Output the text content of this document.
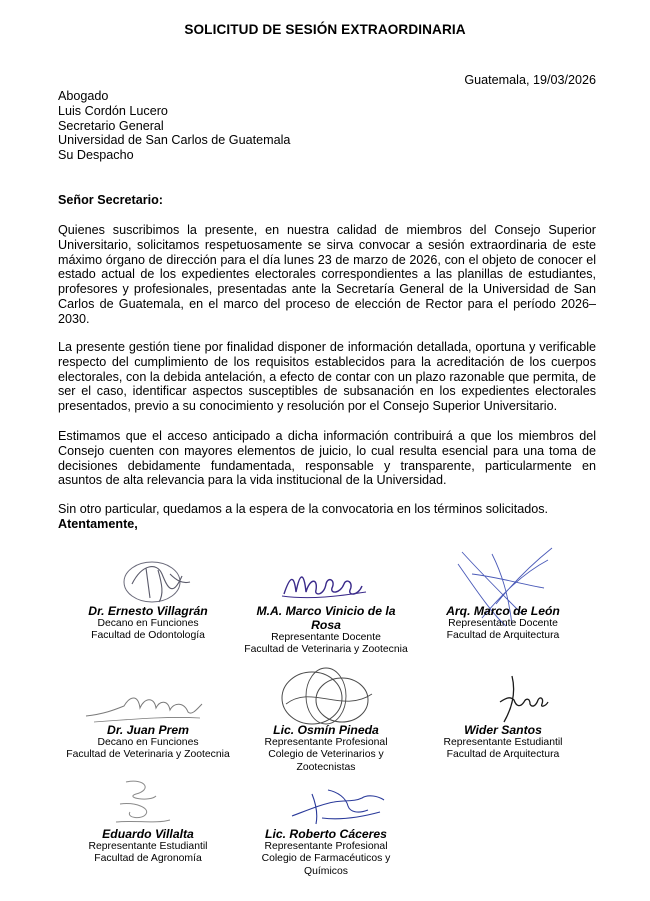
SOLICITUD DE SESIÓN EXTRAORDINARIA
Guatemala, 19/03/2026
Abogado
Luis Cordón Lucero
Secretario General
Universidad de San Carlos de Guatemala
Su Despacho
Señor Secretario:

Quienes suscribimos la presente, en nuestra calidad de miembros del Consejo Superior Universitario, solicitamos respetuosamente se sirva convocar a sesión extraordinaria de este máximo órgano de dirección para el día lunes 23 de marzo de 2026, con el objeto de conocer el estado actual de los expedientes electorales correspondientes a las planillas de estudiantes, profesores y profesionales, presentadas ante la Secretaría General de la Universidad de San Carlos de Guatemala, en el marco del proceso de elección de Rector para el período 2026–2030.

La presente gestión tiene por finalidad disponer de información detallada, oportuna y verificable respecto del cumplimiento de los requisitos establecidos para la acreditación de los cuerpos electorales, con la debida antelación, a efecto de contar con un plazo razonable que permita, de ser el caso, identificar aspectos susceptibles de subsanación en los expedientes electorales presentados, previo a su conocimiento y resolución por el Consejo Superior Universitario.

Estimamos que el acceso anticipado a dicha información contribuirá a que los miembros del Consejo cuenten con mayores elementos de juicio, lo cual resulta esencial para una toma de decisiones debidamente fundamentada, responsable y transparente, particularmente en asuntos de alta relevancia para la vida institucional de la Universidad.

Sin otro particular, quedamos a la espera de la convocatoria en los términos solicitados.

Atentamente,
Dr. Ernesto Villagrán
Decano en Funciones
Facultad de Odontología
M.A. Marco Vinicio de la Rosa
Representante Docente
Facultad de Veterinaria y Zootecnia
Arq. Marco de León
Representante Docente
Facultad de Arquitectura
Dr. Juan Prem
Decano en Funciones
Facultad de Veterinaria y Zootecnia
Lic. Osmín Pineda
Representante Profesional
Colegio de Veterinarios y Zootecnistas
Wider Santos
Representante Estudiantil
Facultad de Arquitectura
Eduardo Villalta
Representante Estudiantil
Facultad de Agronomía
Lic. Roberto Cáceres
Representante Profesional
Colegio de Farmacéuticos y Químicos
